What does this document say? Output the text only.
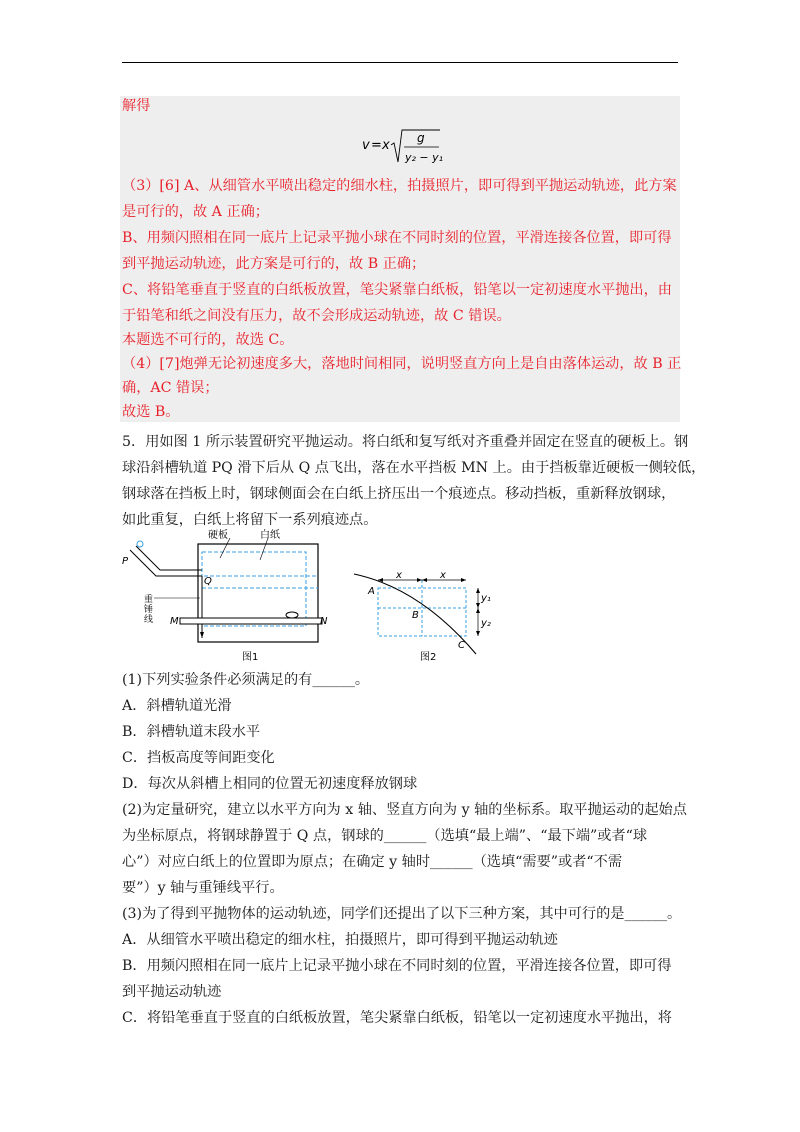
解得
v = x g
y₂ − y₁
（3）[6] A、从细管水平喷出稳定的细水柱，拍摄照片，即可得到平抛运动轨迹，此方案
是可行的，故 A 正确；
B、用频闪照相在同一底片上记录平抛小球在不同时刻的位置，平滑连接各位置，即可得
到平抛运动轨迹，此方案是可行的，故 B 正确；
C、将铅笔垂直于竖直的白纸板放置，笔尖紧靠白纸板，铅笔以一定初速度水平抛出，由
于铅笔和纸之间没有压力，故不会形成运动轨迹，故 C 错误。
本题选不可行的，故选 C。
（4）[7]炮弹无论初速度多大，落地时间相同，说明竖直方向上是自由落体运动，故 B 正
确，AC 错误；
故选 B。
5．用如图 1 所示装置研究平抛运动。将白纸和复写纸对齐重叠并固定在竖直的硬板上。钢
球沿斜槽轨道 PQ 滑下后从 Q 点飞出，落在水平挡板 MN 上。由于挡板靠近硬板一侧较低，
钢球落在挡板上时，钢球侧面会在白纸上挤压出一个痕迹点。移动挡板，重新释放钢球，
如此重复，白纸上将留下一系列痕迹点。
硬板	白纸
P
Q
M	N
重
锤
线
图1
x	x
y₁
y₂
A
B
C
图2
(1)下列实验条件必须满足的有______。
A．斜槽轨道光滑
B．斜槽轨道末段水平
C．挡板高度等间距变化
D．每次从斜槽上相同的位置无初速度释放钢球
(2)为定量研究，建立以水平方向为 x 轴、竖直方向为 y 轴的坐标系。取平抛运动的起始点
为坐标原点，将钢球静置于 Q 点，钢球的______（选填“最上端”、“最下端”或者“球
心”）对应白纸上的位置即为原点；在确定 y 轴时______（选填“需要”或者“不需
要”）y 轴与重锤线平行。
(3)为了得到平抛物体的运动轨迹，同学们还提出了以下三种方案，其中可行的是______。
A．从细管水平喷出稳定的细水柱，拍摄照片，即可得到平抛运动轨迹
B．用频闪照相在同一底片上记录平抛小球在不同时刻的位置，平滑连接各位置，即可得
到平抛运动轨迹
C．将铅笔垂直于竖直的白纸板放置，笔尖紧靠白纸板，铅笔以一定初速度水平抛出，将
